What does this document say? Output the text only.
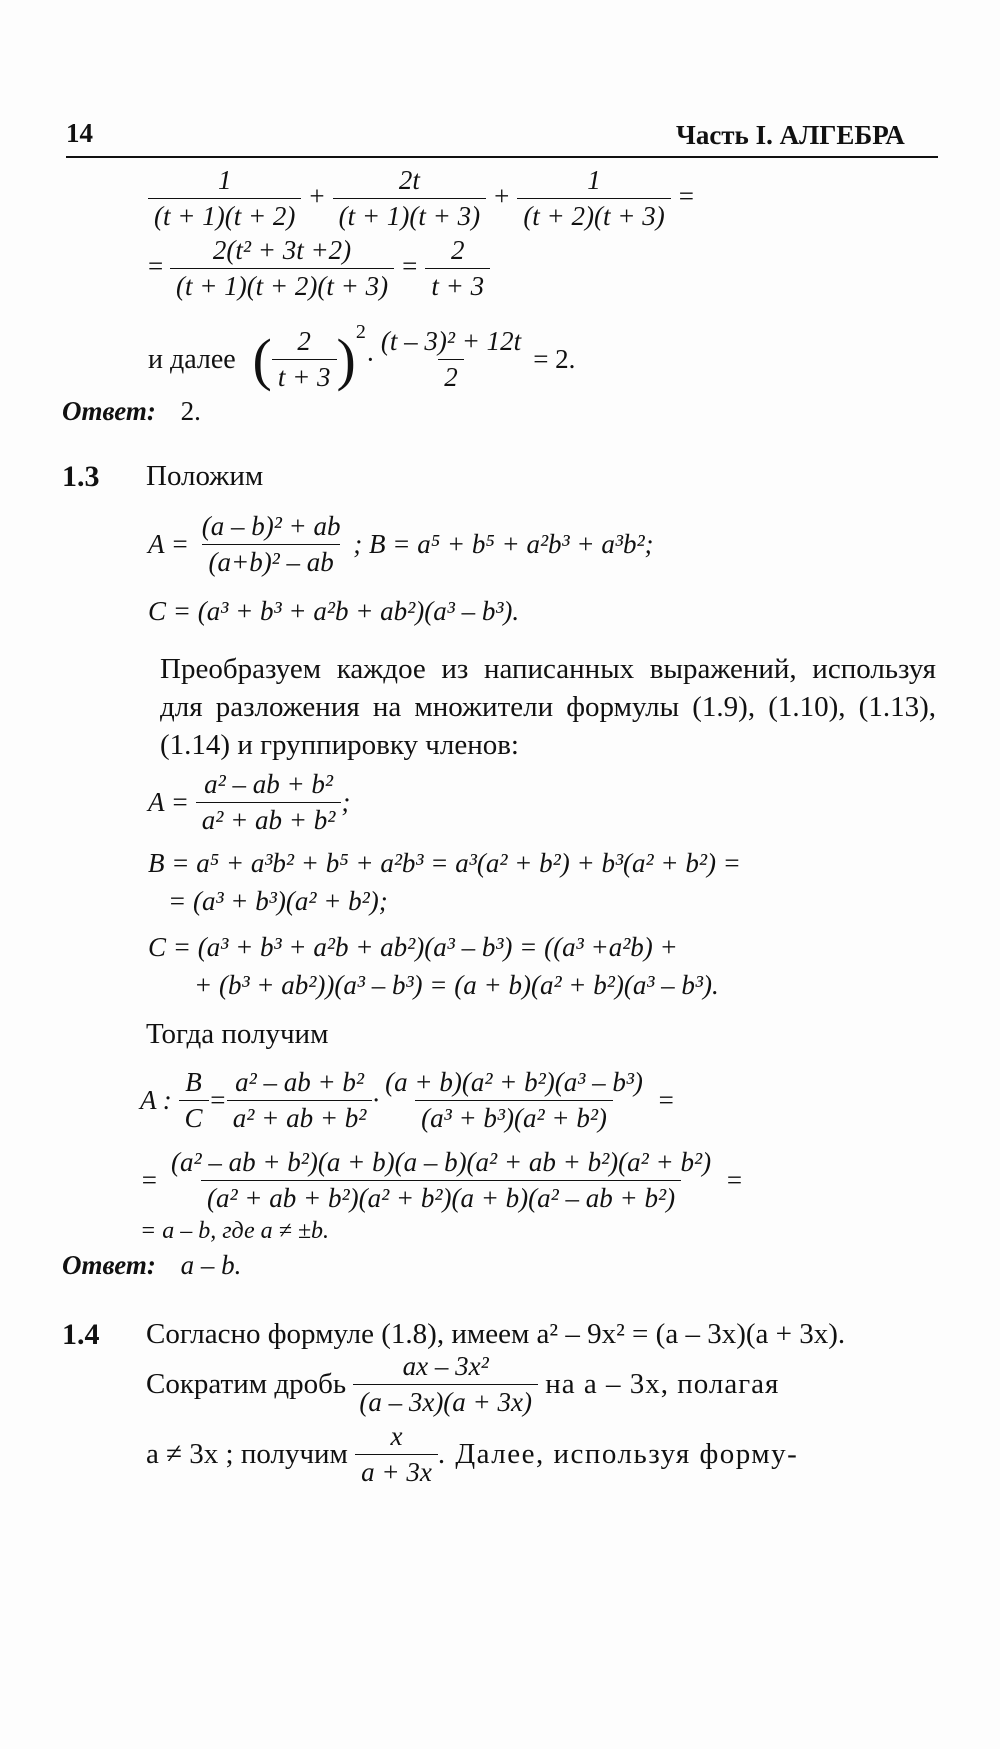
14	Часть I. АЛГЕБРА
$\frac{1}{(t + 1)(t + 2)} + \frac{2t}{(t + 1)(t + 3)} + \frac{1}{(t + 2)(t + 3)}$ =
= $\frac{\text{2(t² + 3t +2)}}{(t + 1)(t + 2)(t + 3)} = \frac{2}{t + 3}$
и далее ( $\frac{2}{t + 3} )^2\cdot \frac{\text{(t – 3)² + 12t}}{2} = 2$.
Ответ: 2.
1.3 Положим
$A = \frac{\text{(a – b)² + ab}}{\text{(a+b)² – ab}}$ ; B = a⁵ + b⁵ + a²b³ + a³b²;
C = (a³ + b³ + a²b + ab²)(a³ – b³).
Преобразуем каждое из написанных выражений, используя для разложения на множители формулы (1.9), (1.10), (1.13), (1.14) и группировку членов:
$A = \frac{\text{a² – ab + b²}}{\text{a² + ab + b²}}$ ;
B = a⁵ + a³b² + b⁵ + a²b³ = a³(a² + b²) + b³(a² + b²) =
= (a³ + b³)(a² + b²);
C = (a³ + b³ + a²b + ab²)(a³ – b³) = ((a³ +a²b) +
+ (b³ + ab²))(a³ – b³) = (a + b)(a² + b²)(a³ – b³).
Тогда получим
A : $\frac{B}{C} = \frac{\text{a² – ab + b²}}{\text{a² + ab + b²}} \cdot \frac{\text{(a + b)(a² + b²)(a³ – b³)}}{\text{(a³ + b³)(a² + b²)}}$ =
= $\frac{\text{(a² – ab + b²)(a + b)(a – b)(a² + ab + b²)(a² + b²)}}{\text{(a² + ab + b²)(a² + b²)(a + b)(a² – ab + b²)}}$ =
= a – b, где a ≠ ±b.
Ответ: a – b.
1.4 Согласно формуле (1.8), имеем a² – 9x² = (a – 3x)(a + 3x).
Сократим дробь $\frac{\text{ax – 3x²}}{(a - 3x)(a + 3x)}$ на a – 3x, полагая
a ≠ 3x ; получим $\frac{x}{a + 3x}$ . Далее, используя форму-
